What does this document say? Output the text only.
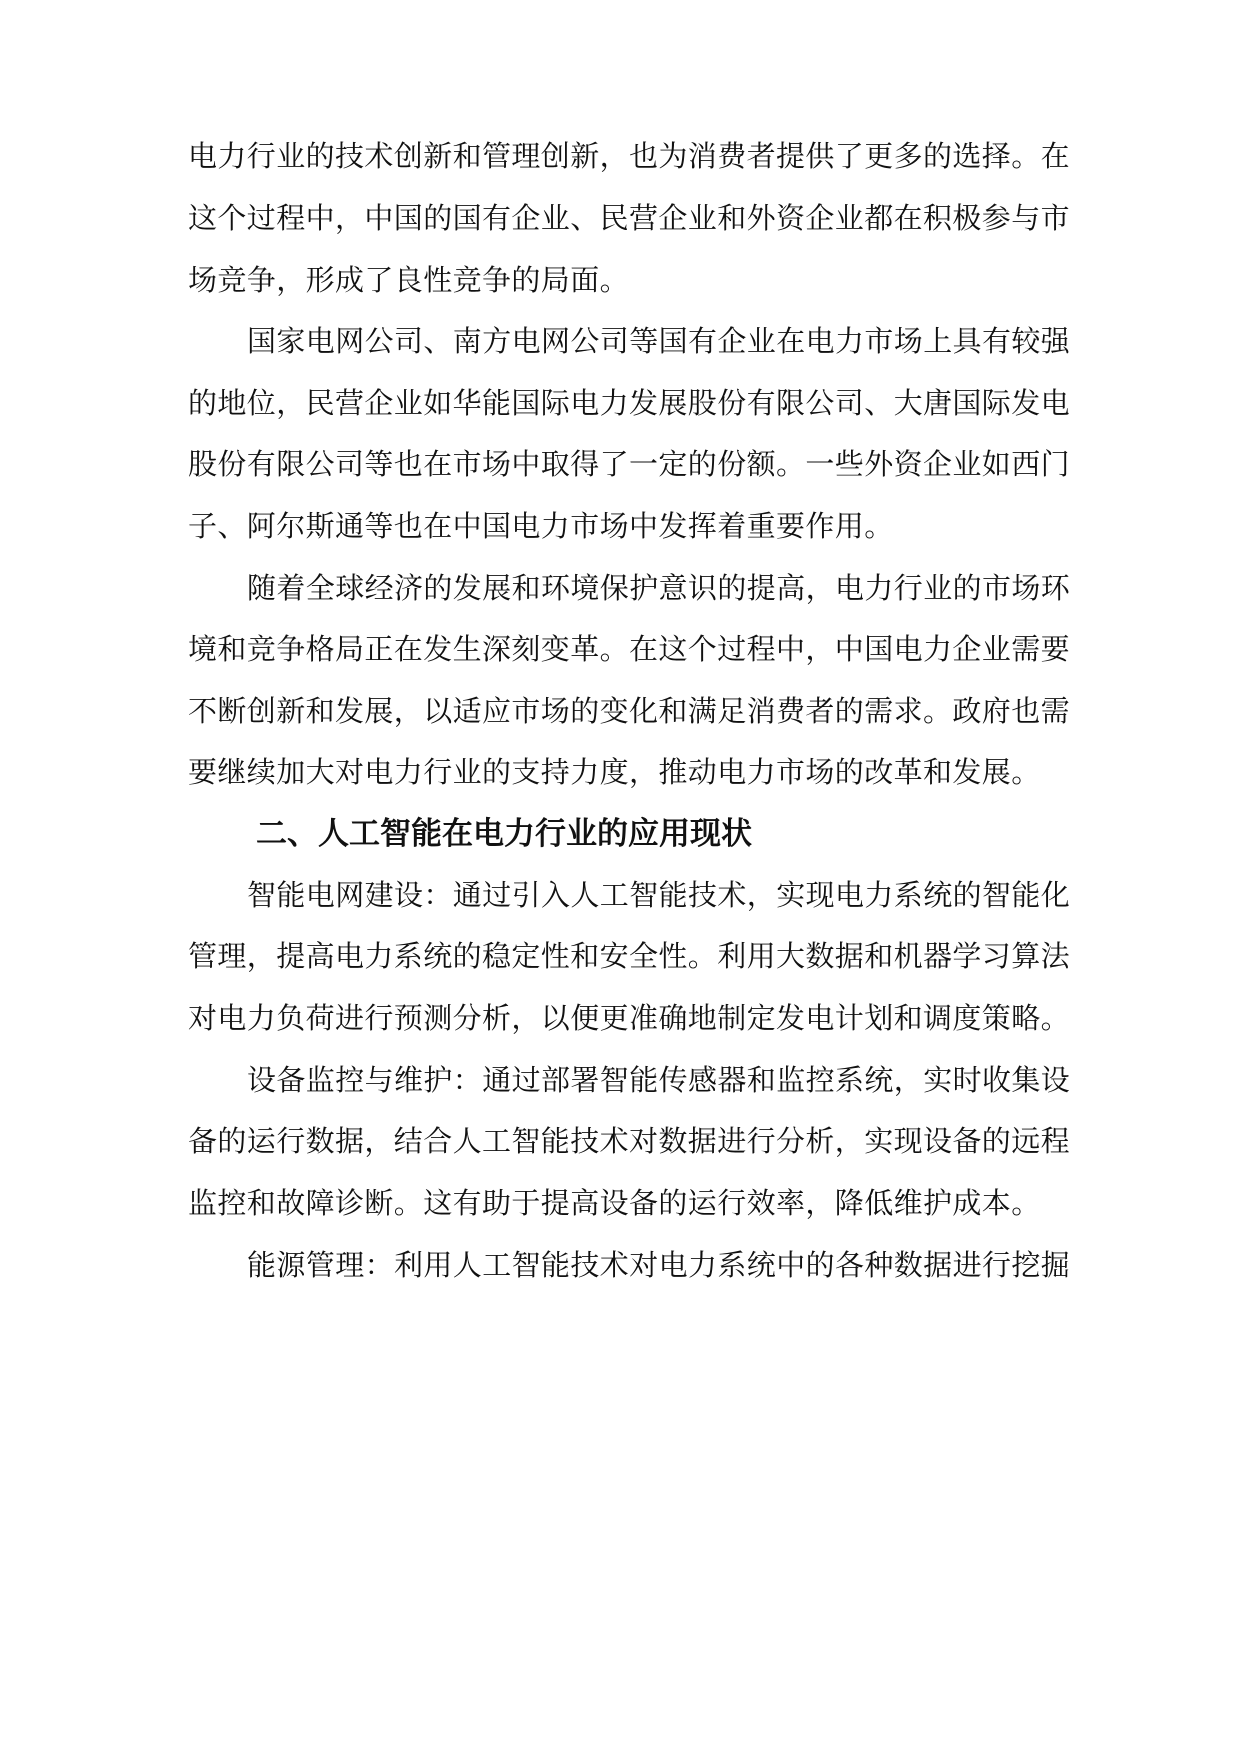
电力行业的技术创新和管理创新，也为消费者提供了更多的选择。在
这个过程中，中国的国有企业、民营企业和外资企业都在积极参与市
场竞争，形成了良性竞争的局面。
国家电网公司、南方电网公司等国有企业在电力市场上具有较强
的地位，民营企业如华能国际电力发展股份有限公司、大唐国际发电
股份有限公司等也在市场中取得了一定的份额。一些外资企业如西门
子、阿尔斯通等也在中国电力市场中发挥着重要作用。
随着全球经济的发展和环境保护意识的提高，电力行业的市场环
境和竞争格局正在发生深刻变革。在这个过程中，中国电力企业需要
不断创新和发展，以适应市场的变化和满足消费者的需求。政府也需
要继续加大对电力行业的支持力度，推动电力市场的改革和发展。
二、人工智能在电力行业的应用现状
智能电网建设：通过引入人工智能技术，实现电力系统的智能化
管理，提高电力系统的稳定性和安全性。利用大数据和机器学习算法
对电力负荷进行预测分析，以便更准确地制定发电计划和调度策略。
设备监控与维护：通过部署智能传感器和监控系统，实时收集设
备的运行数据，结合人工智能技术对数据进行分析，实现设备的远程
监控和故障诊断。这有助于提高设备的运行效率，降低维护成本。
能源管理：利用人工智能技术对电力系统中的各种数据进行挖掘
